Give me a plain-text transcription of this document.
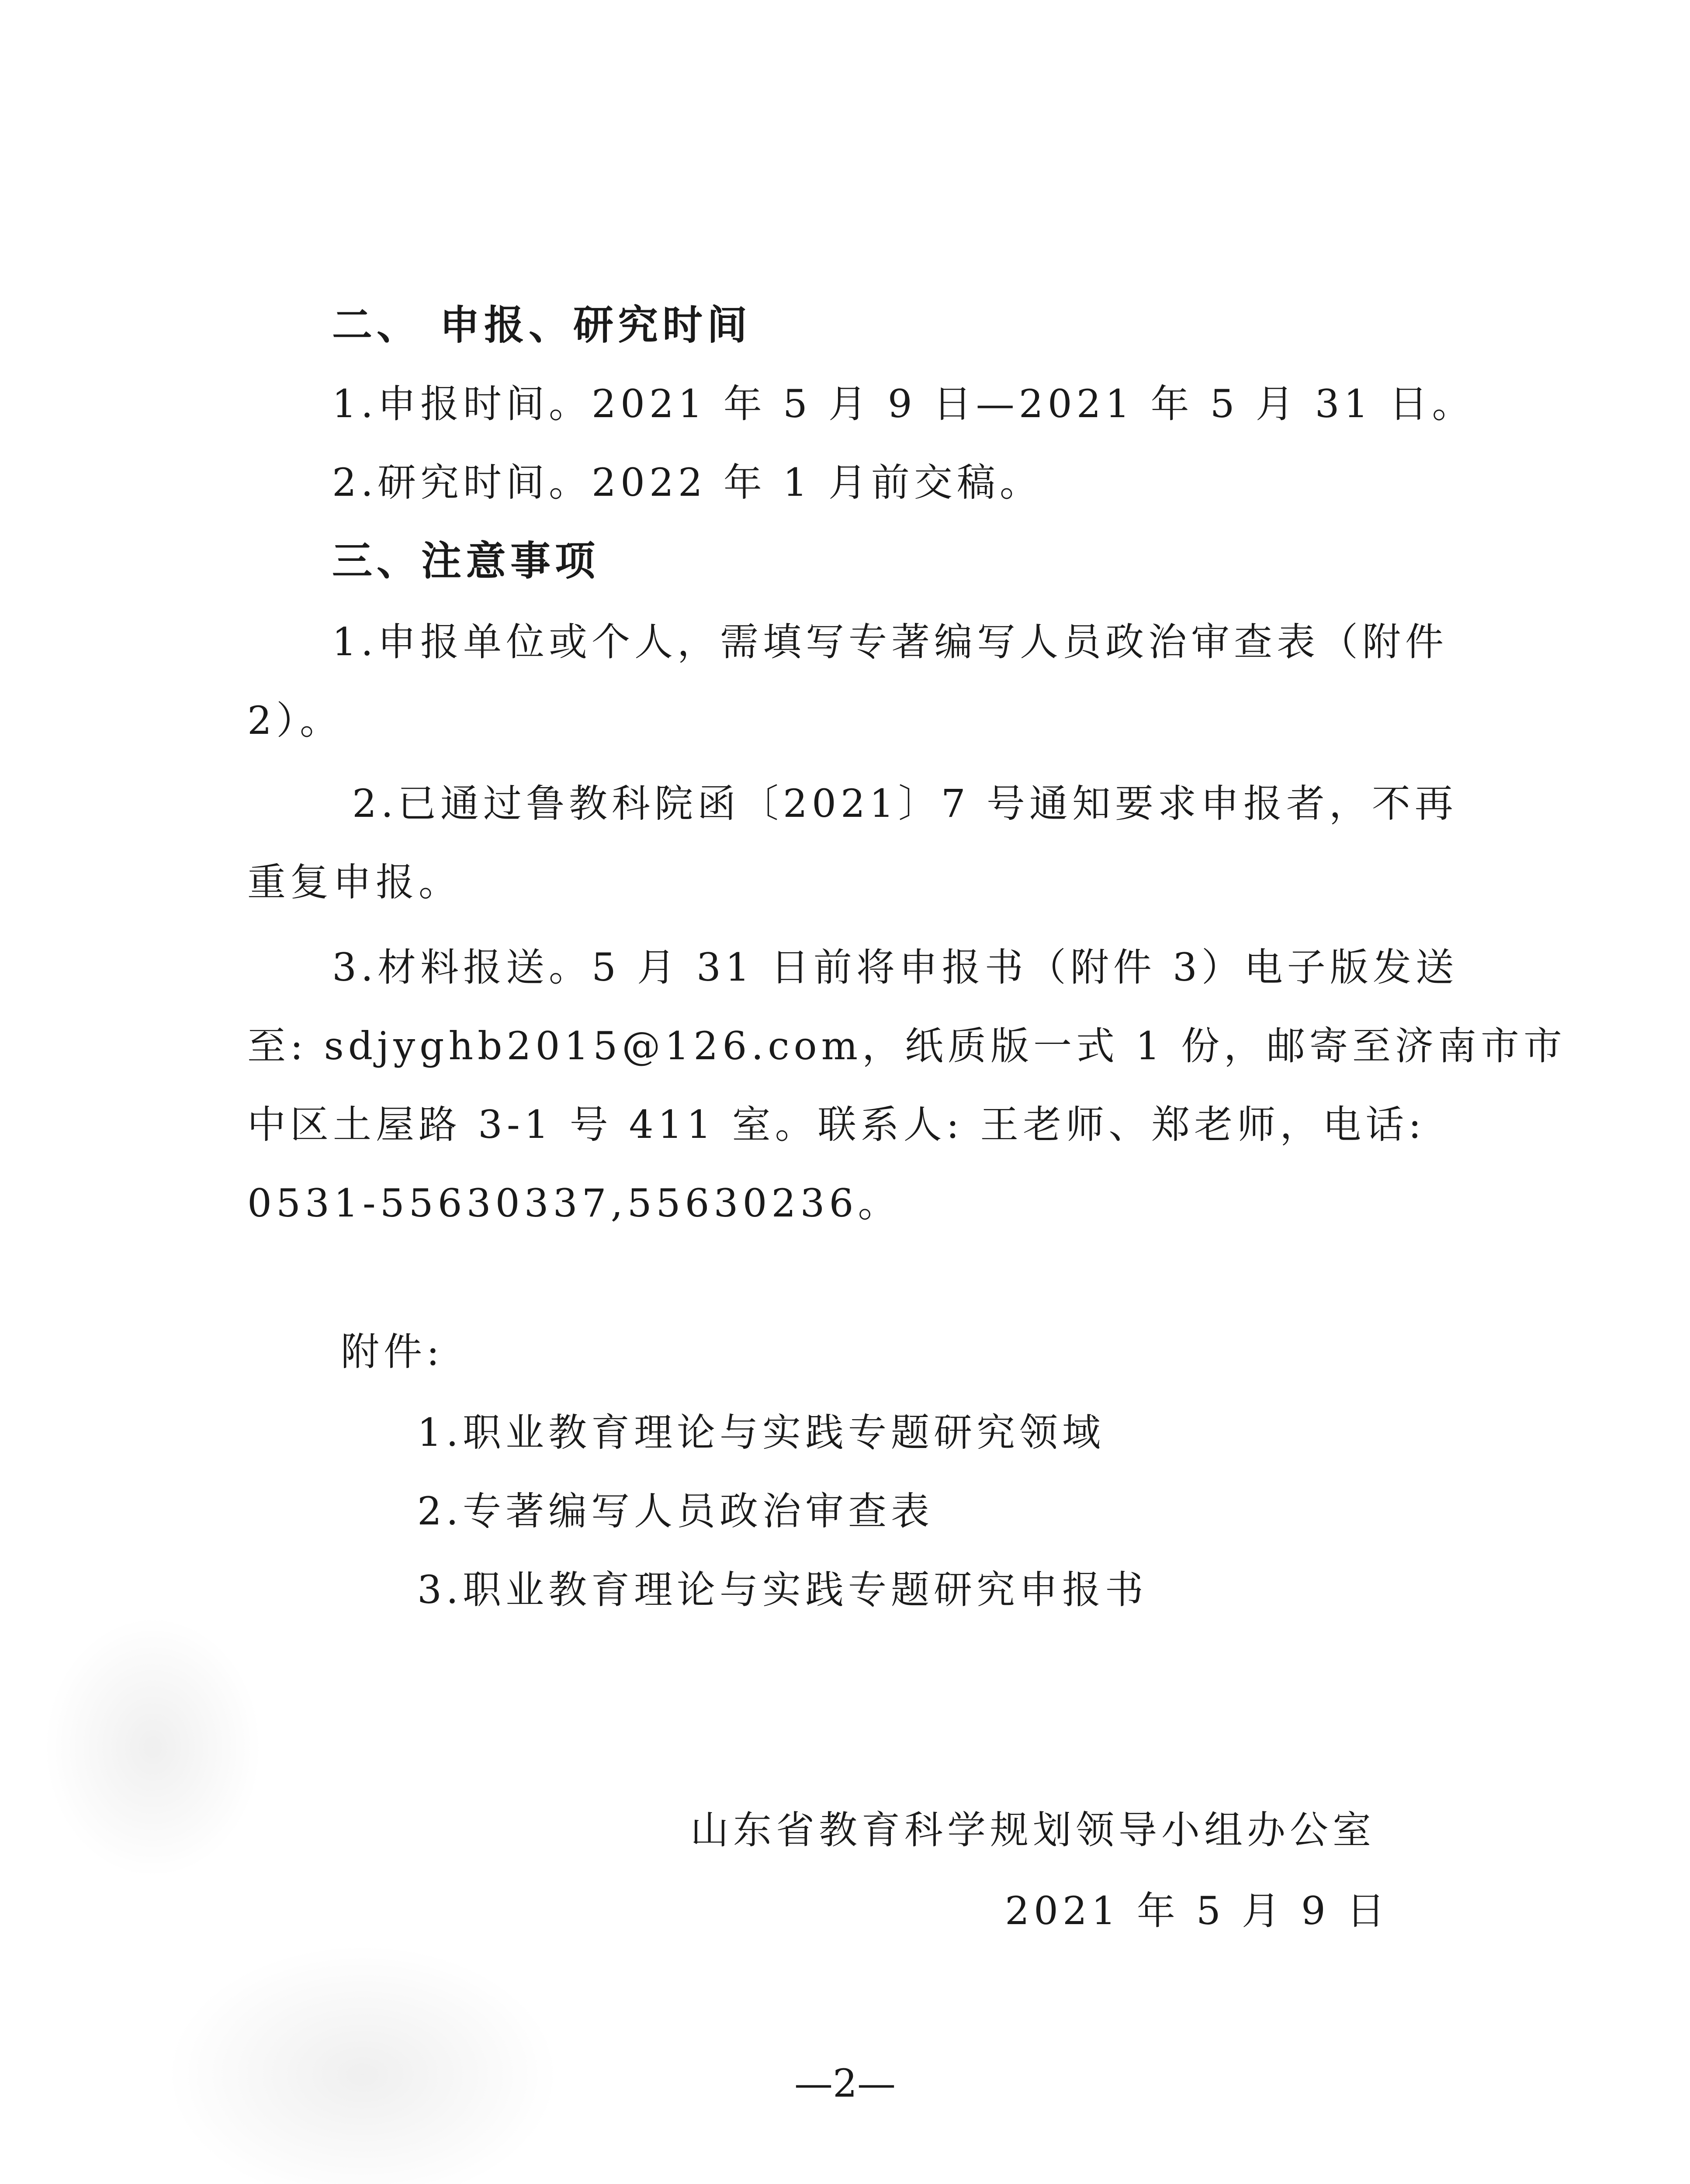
二、 申报、研究时间
1.申报时间。2021 年 5 月 9 日—2021 年 5 月 31 日。
2.研究时间。2022 年 1 月前交稿。
三、注意事项
1.申报单位或个人，需填写专著编写人员政治审查表（附件
2）。
2.已通过鲁教科院函〔2021〕7 号通知要求申报者，不再
重复申报。
3.材料报送。5 月 31 日前将申报书（附件 3）电子版发送
至: sdjyghb2015@126.com，纸质版一式 1 份，邮寄至济南市市
中区土屋路 3-1 号 411 室。联系人: 王老师、郑老师，电话:
0531-55630337,55630236。
附件:
1.职业教育理论与实践专题研究领域
2.专著编写人员政治审查表
3.职业教育理论与实践专题研究申报书
山东省教育科学规划领导小组办公室
2021 年 5 月 9 日
—2—
